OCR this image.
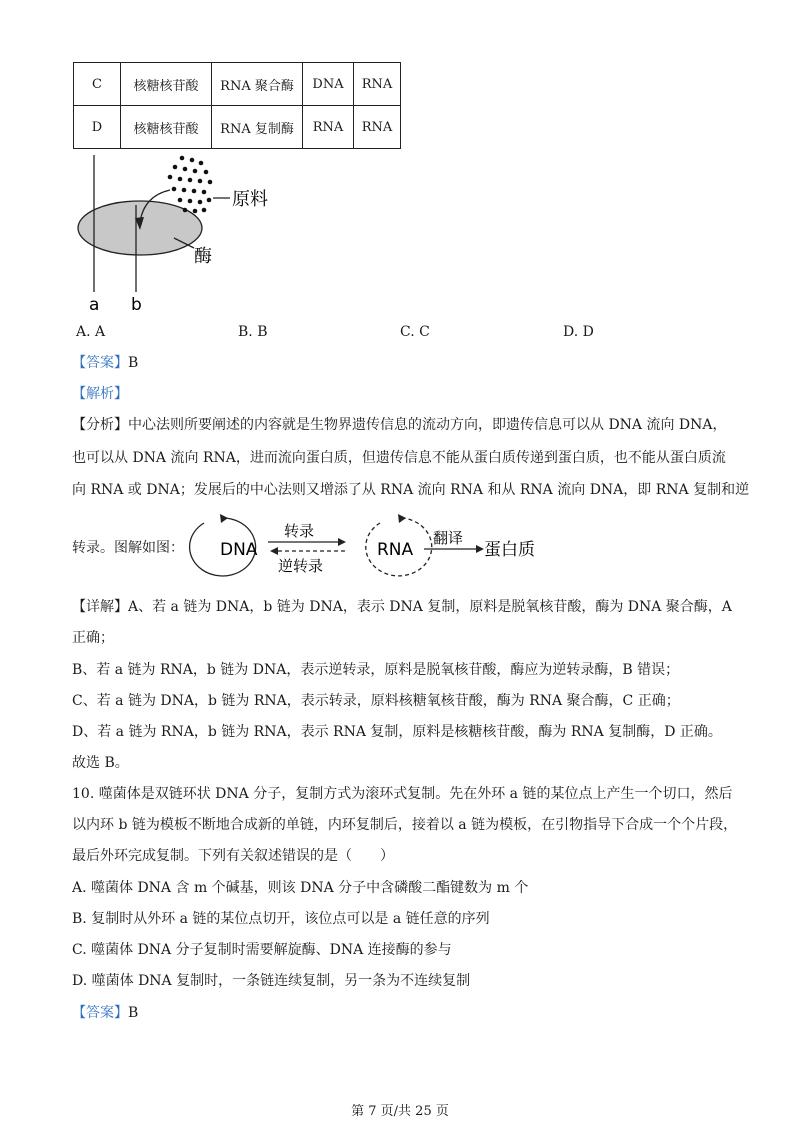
C	核糖核苷酸	RNA 聚合酶	DNA	RNA
D	核糖核苷酸	RNA 复制酶	RNA	RNA
原料
酶
a b
A. A	B. B	C. C	D. D
【答案】B
【解析】
【分析】中心法则所要阐述的内容就是生物界遗传信息的流动方向，即遗传信息可以从 DNA 流向 DNA，
也可以从 DNA 流向 RNA，进而流向蛋白质，但遗传信息不能从蛋白质传递到蛋白质，也不能从蛋白质流
向 RNA 或 DNA；发展后的中心法则又增添了从 RNA 流向 RNA 和从 RNA 流向 DNA，即 RNA 复制和逆
转录。图解如图： DNA
转录
逆转录
RNA
翻译
蛋白质
【详解】A、若 a 链为 DNA，b 链为 DNA，表示 DNA 复制，原料是脱氧核苷酸，酶为 DNA 聚合酶，A
正确；
B、若 a 链为 RNA，b 链为 DNA，表示逆转录，原料是脱氧核苷酸，酶应为逆转录酶，B 错误；
C、若 a 链为 DNA，b 链为 RNA，表示转录，原料核糖氧核苷酸，酶为 RNA 聚合酶，C 正确；
D、若 a 链为 RNA，b 链为 RNA，表示 RNA 复制，原料是核糖核苷酸，酶为 RNA 复制酶，D 正确。
故选 B。
10. 噬菌体是双链环状 DNA 分子，复制方式为滚环式复制。先在外环 a 链的某位点上产生一个切口，然后
以内环 b 链为模板不断地合成新的单链，内环复制后，接着以 a 链为模板，在引物指导下合成一个个片段，
最后外环完成复制。下列有关叙述错误的是（　　）
A. 噬菌体 DNA 含 m 个碱基，则该 DNA 分子中含磷酸二酯键数为 m 个
B. 复制时从外环 a 链的某位点切开，该位点可以是 a 链任意的序列
C. 噬菌体 DNA 分子复制时需要解旋酶、DNA 连接酶的参与
D. 噬菌体 DNA 复制时，一条链连续复制，另一条为不连续复制
【答案】B
第 7 页/共 25 页
